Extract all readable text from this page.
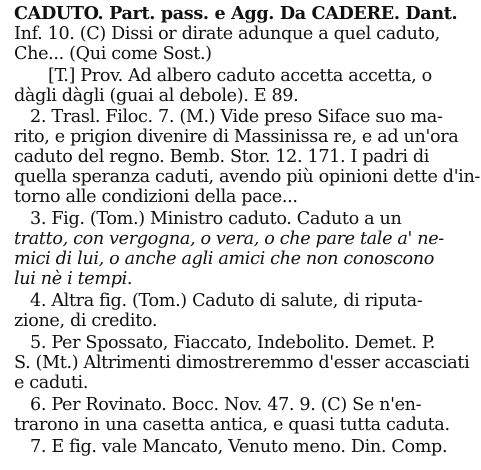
CADUTO. Part. pass. e Agg. Da CADERE. Dant.
Inf. 10. (C) Dissi or dirate adunque a quel caduto,
Che... (Qui come Sost.)
[T.] Prov. Ad albero caduto accetta accetta, o
dàgli dàgli (guai al debole). E 89.
2. Trasl. Filoc. 7. (M.) Vide preso Siface suo ma-
rito, e prigion divenire di Massinissa re, e ad un'ora
caduto del regno. Bemb. Stor. 12. 171. I padri di
quella speranza caduti, avendo più opinioni dette d'in-
torno alle condizioni della pace...
3. Fig. (Tom.) Ministro caduto. Caduto a un
tratto, con vergogna, o vera, o che pare tale a' ne-
mici di lui, o anche agli amici che non conoscono
lui nè i tempi.
4. Altra fig. (Tom.) Caduto di salute, di riputa-
zione, di credito.
5. Per Spossato, Fiaccato, Indebolito. Demet. P.
S. (Mt.) Altrimenti dimostreremmo d'esser accasciati
e caduti.
6. Per Rovinato. Bocc. Nov. 47. 9. (C) Se n'en-
trarono in una casetta antica, e quasi tutta caduta.
7. E fig. vale Mancato, Venuto meno. Din. Comp.
